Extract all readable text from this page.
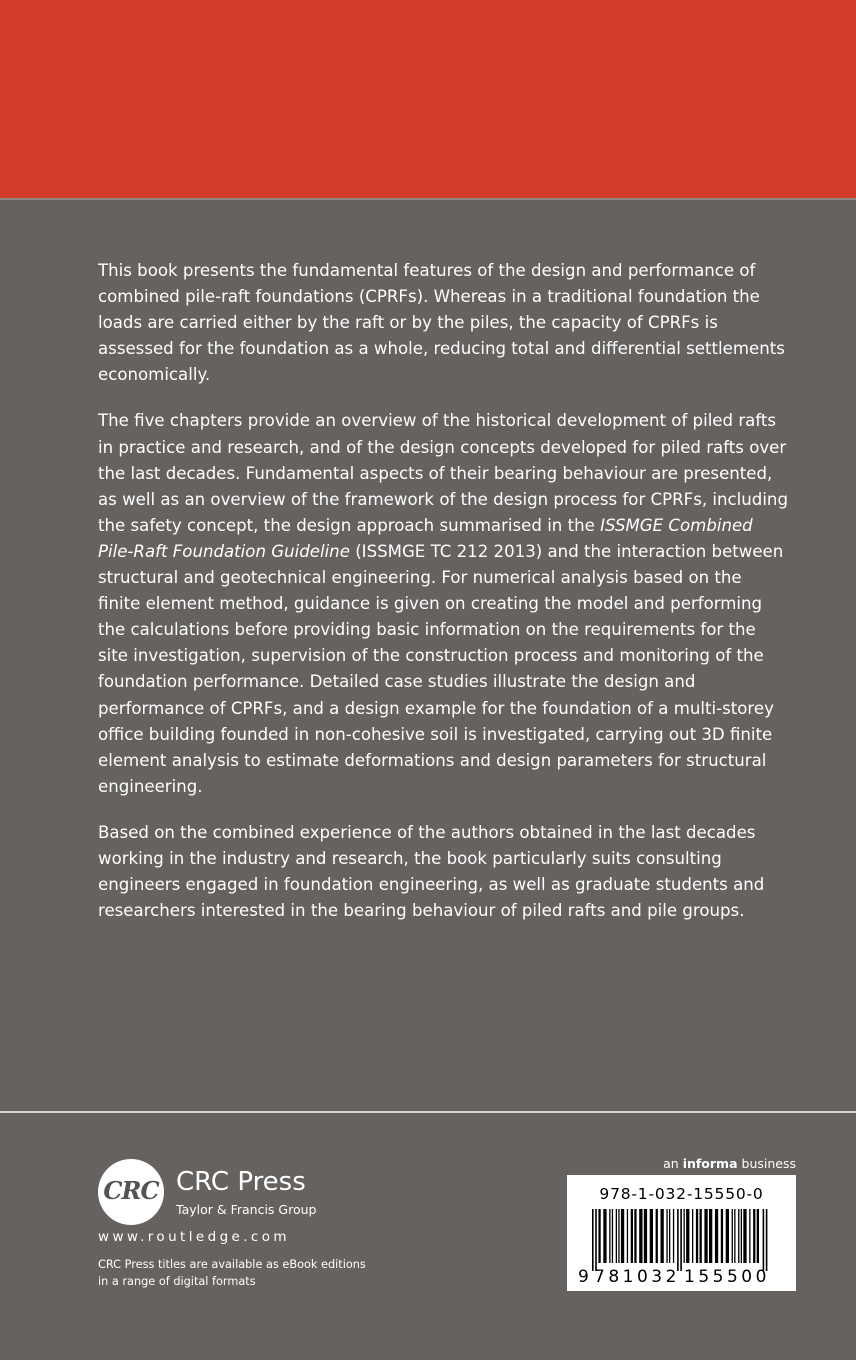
This book presents the fundamental features of the design and performance of combined pile-raft foundations (CPRFs). Whereas in a traditional foundation the loads are carried either by the raft or by the piles, the capacity of CPRFs is assessed for the foundation as a whole, reducing total and differential settlements economically.

The five chapters provide an overview of the historical development of piled rafts in practice and research, and of the design concepts developed for piled rafts over the last decades. Fundamental aspects of their bearing behaviour are presented, as well as an overview of the framework of the design process for CPRFs, including the safety concept, the design approach summarised in the ISSMGE Combined Pile-Raft Foundation Guideline (ISSMGE TC 212 2013) and the interaction between structural and geotechnical engineering. For numerical analysis based on the finite element method, guidance is given on creating the model and performing the calculations before providing basic information on the requirements for the site investigation, supervision of the construction process and monitoring of the foundation performance. Detailed case studies illustrate the design and performance of CPRFs, and a design example for the foundation of a multi-storey office building founded in non-cohesive soil is investigated, carrying out 3D finite element analysis to estimate deformations and design parameters for structural engineering.

Based on the combined experience of the authors obtained in the last decades working in the industry and research, the book particularly suits consulting engineers engaged in foundation engineering, as well as graduate students and researchers interested in the bearing behaviour of piled rafts and pile groups.

CRC CRC Press
Taylor & Francis Group
www.routledge.com
CRC Press titles are available as eBook editions
in a range of digital formats
an informa business
978-1-032-15550-0
9 781032 155500
